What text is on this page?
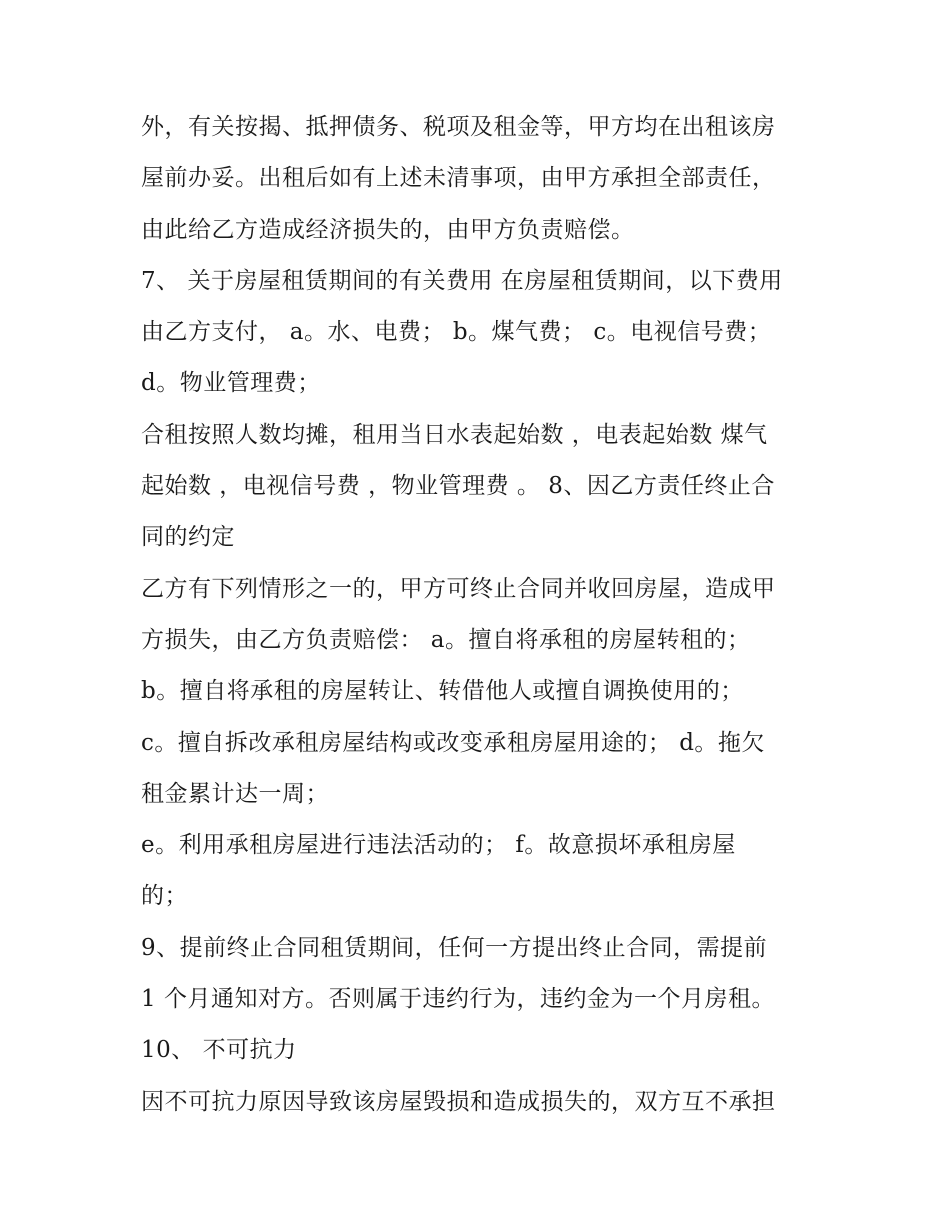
外，有关按揭、抵押债务、税项及租金等，甲方均在出租该房
屋前办妥。出租后如有上述未清事项，由甲方承担全部责任，
由此给乙方造成经济损失的，由甲方负责赔偿。
7、 关于房屋租赁期间的有关费用 在房屋租赁期间，以下费用
由乙方支付， a。水、电费； b。煤气费； c。电视信号费；
d。物业管理费；
合租按照人数均摊，租用当日水表起始数 ，电表起始数 煤气
起始数 ，电视信号费 ，物业管理费 。 8、因乙方责任终止合
同的约定
乙方有下列情形之一的，甲方可终止合同并收回房屋，造成甲
方损失，由乙方负责赔偿： a。擅自将承租的房屋转租的；
b。擅自将承租的房屋转让、转借他人或擅自调换使用的；
c。擅自拆改承租房屋结构或改变承租房屋用途的； d。拖欠
租金累计达一周；
e。利用承租房屋进行违法活动的； f。故意损坏承租房屋
的；
9、提前终止合同租赁期间，任何一方提出终止合同，需提前
1 个月通知对方。否则属于违约行为，违约金为一个月房租。
10、 不可抗力
因不可抗力原因导致该房屋毁损和造成损失的，双方互不承担
